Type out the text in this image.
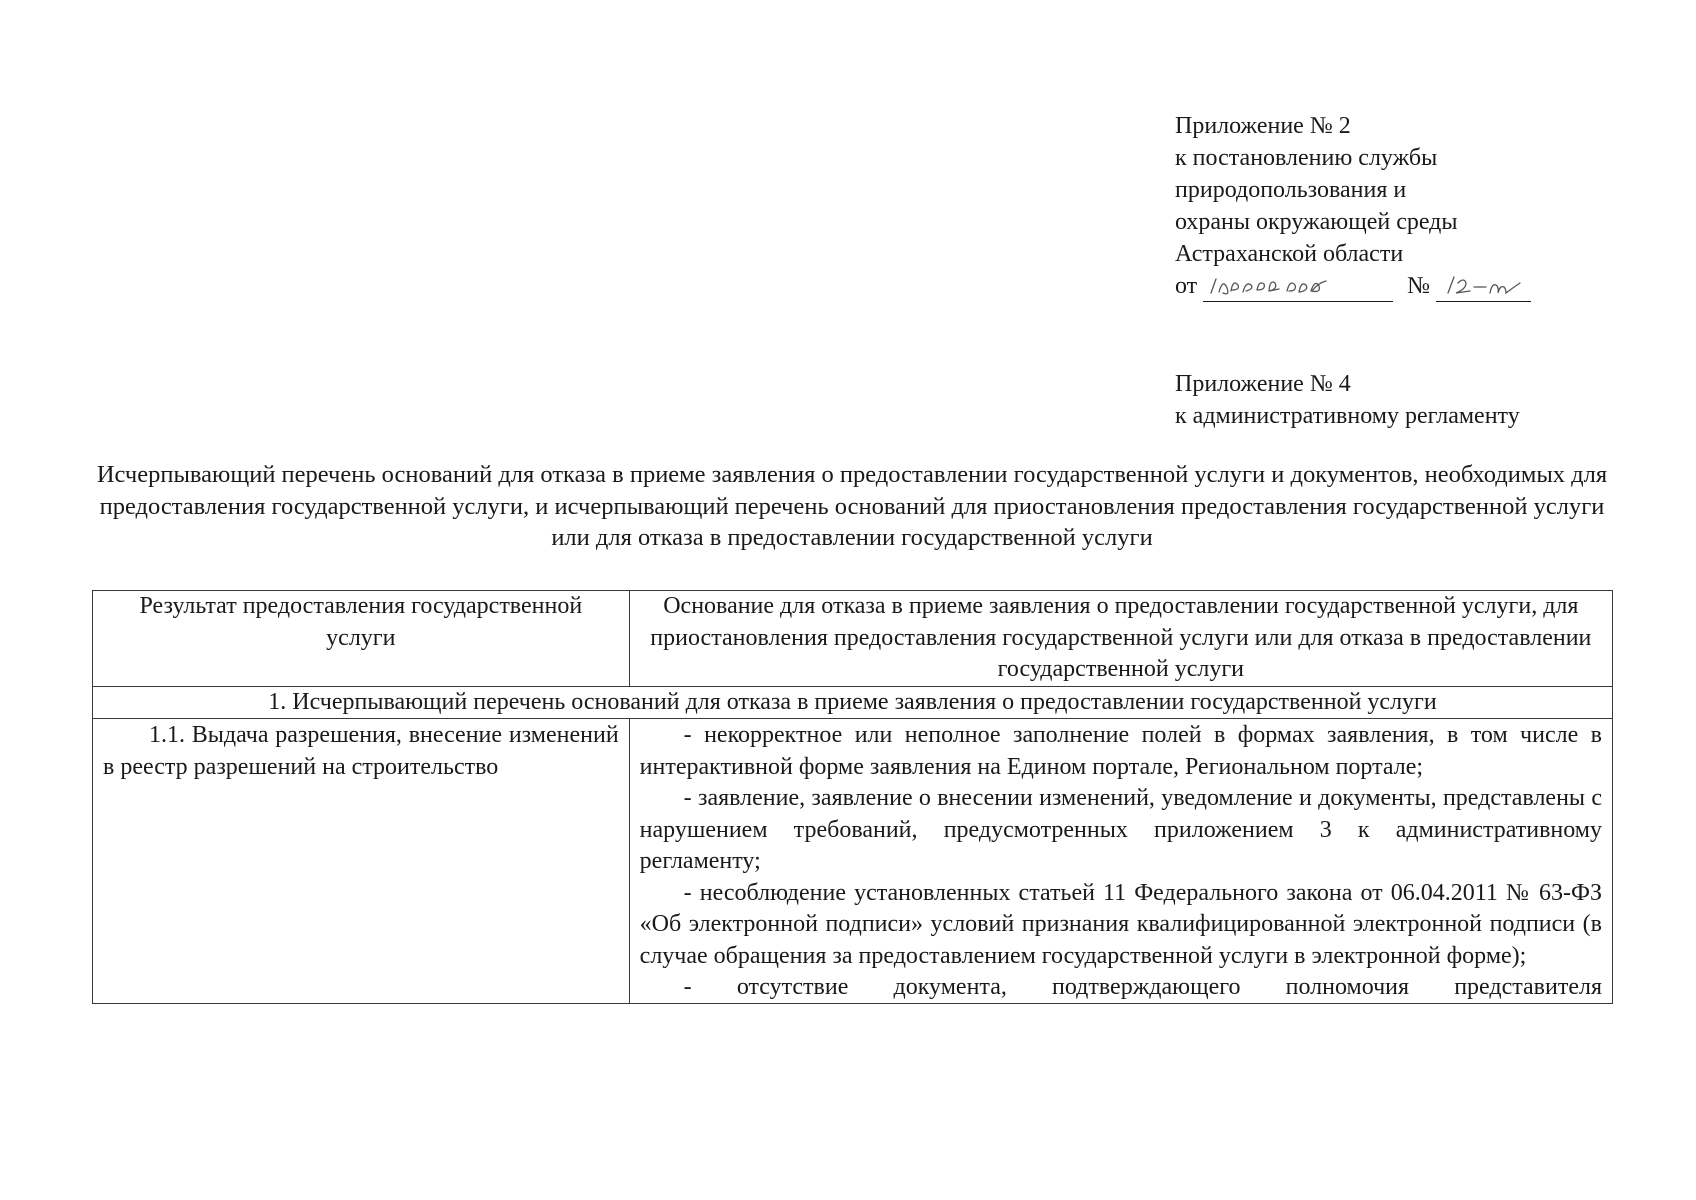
Приложение № 2
к постановлению службы
природопользования и
охраны окружающей среды
Астраханской области
от	№
Приложение № 4
к административному регламенту
Исчерпывающий перечень оснований для отказа в приеме заявления о предоставлении государственной услуги и документов, необходимых для предоставления государственной услуги, и исчерпывающий перечень оснований для приостановления предоставления государственной услуги или для отказа в предоставлении государственной услуги
Результат предоставления государственной услуги	Основание для отказа в приеме заявления о предоставлении государственной услуги, для приостановления предоставления государственной услуги или для отказа в предоставлении государственной услуги
1. Исчерпывающий перечень оснований для отказа в приеме заявления о предоставлении государственной услуги	
1.1. Выдача разрешения, внесение изменений в реестр разрешений на строительство	- некорректное или неполное заполнение полей в формах заявления, в том числе в интерактивной форме заявления на Едином портале, Региональном портале;

- заявление, заявление о внесении изменений, уведомление и документы, представлены с нарушением требований, предусмотренных приложением 3 к административному регламенту;

- несоблюдение установленных статьей 11 Федерального закона от 06.04.2011 № 63-ФЗ «Об электронной подписи» условий признания квалифицированной электронной подписи (в случае обращения за предоставлением государственной услуги в электронной форме);

- отсутствие документа, подтверждающего полномочия представителя
